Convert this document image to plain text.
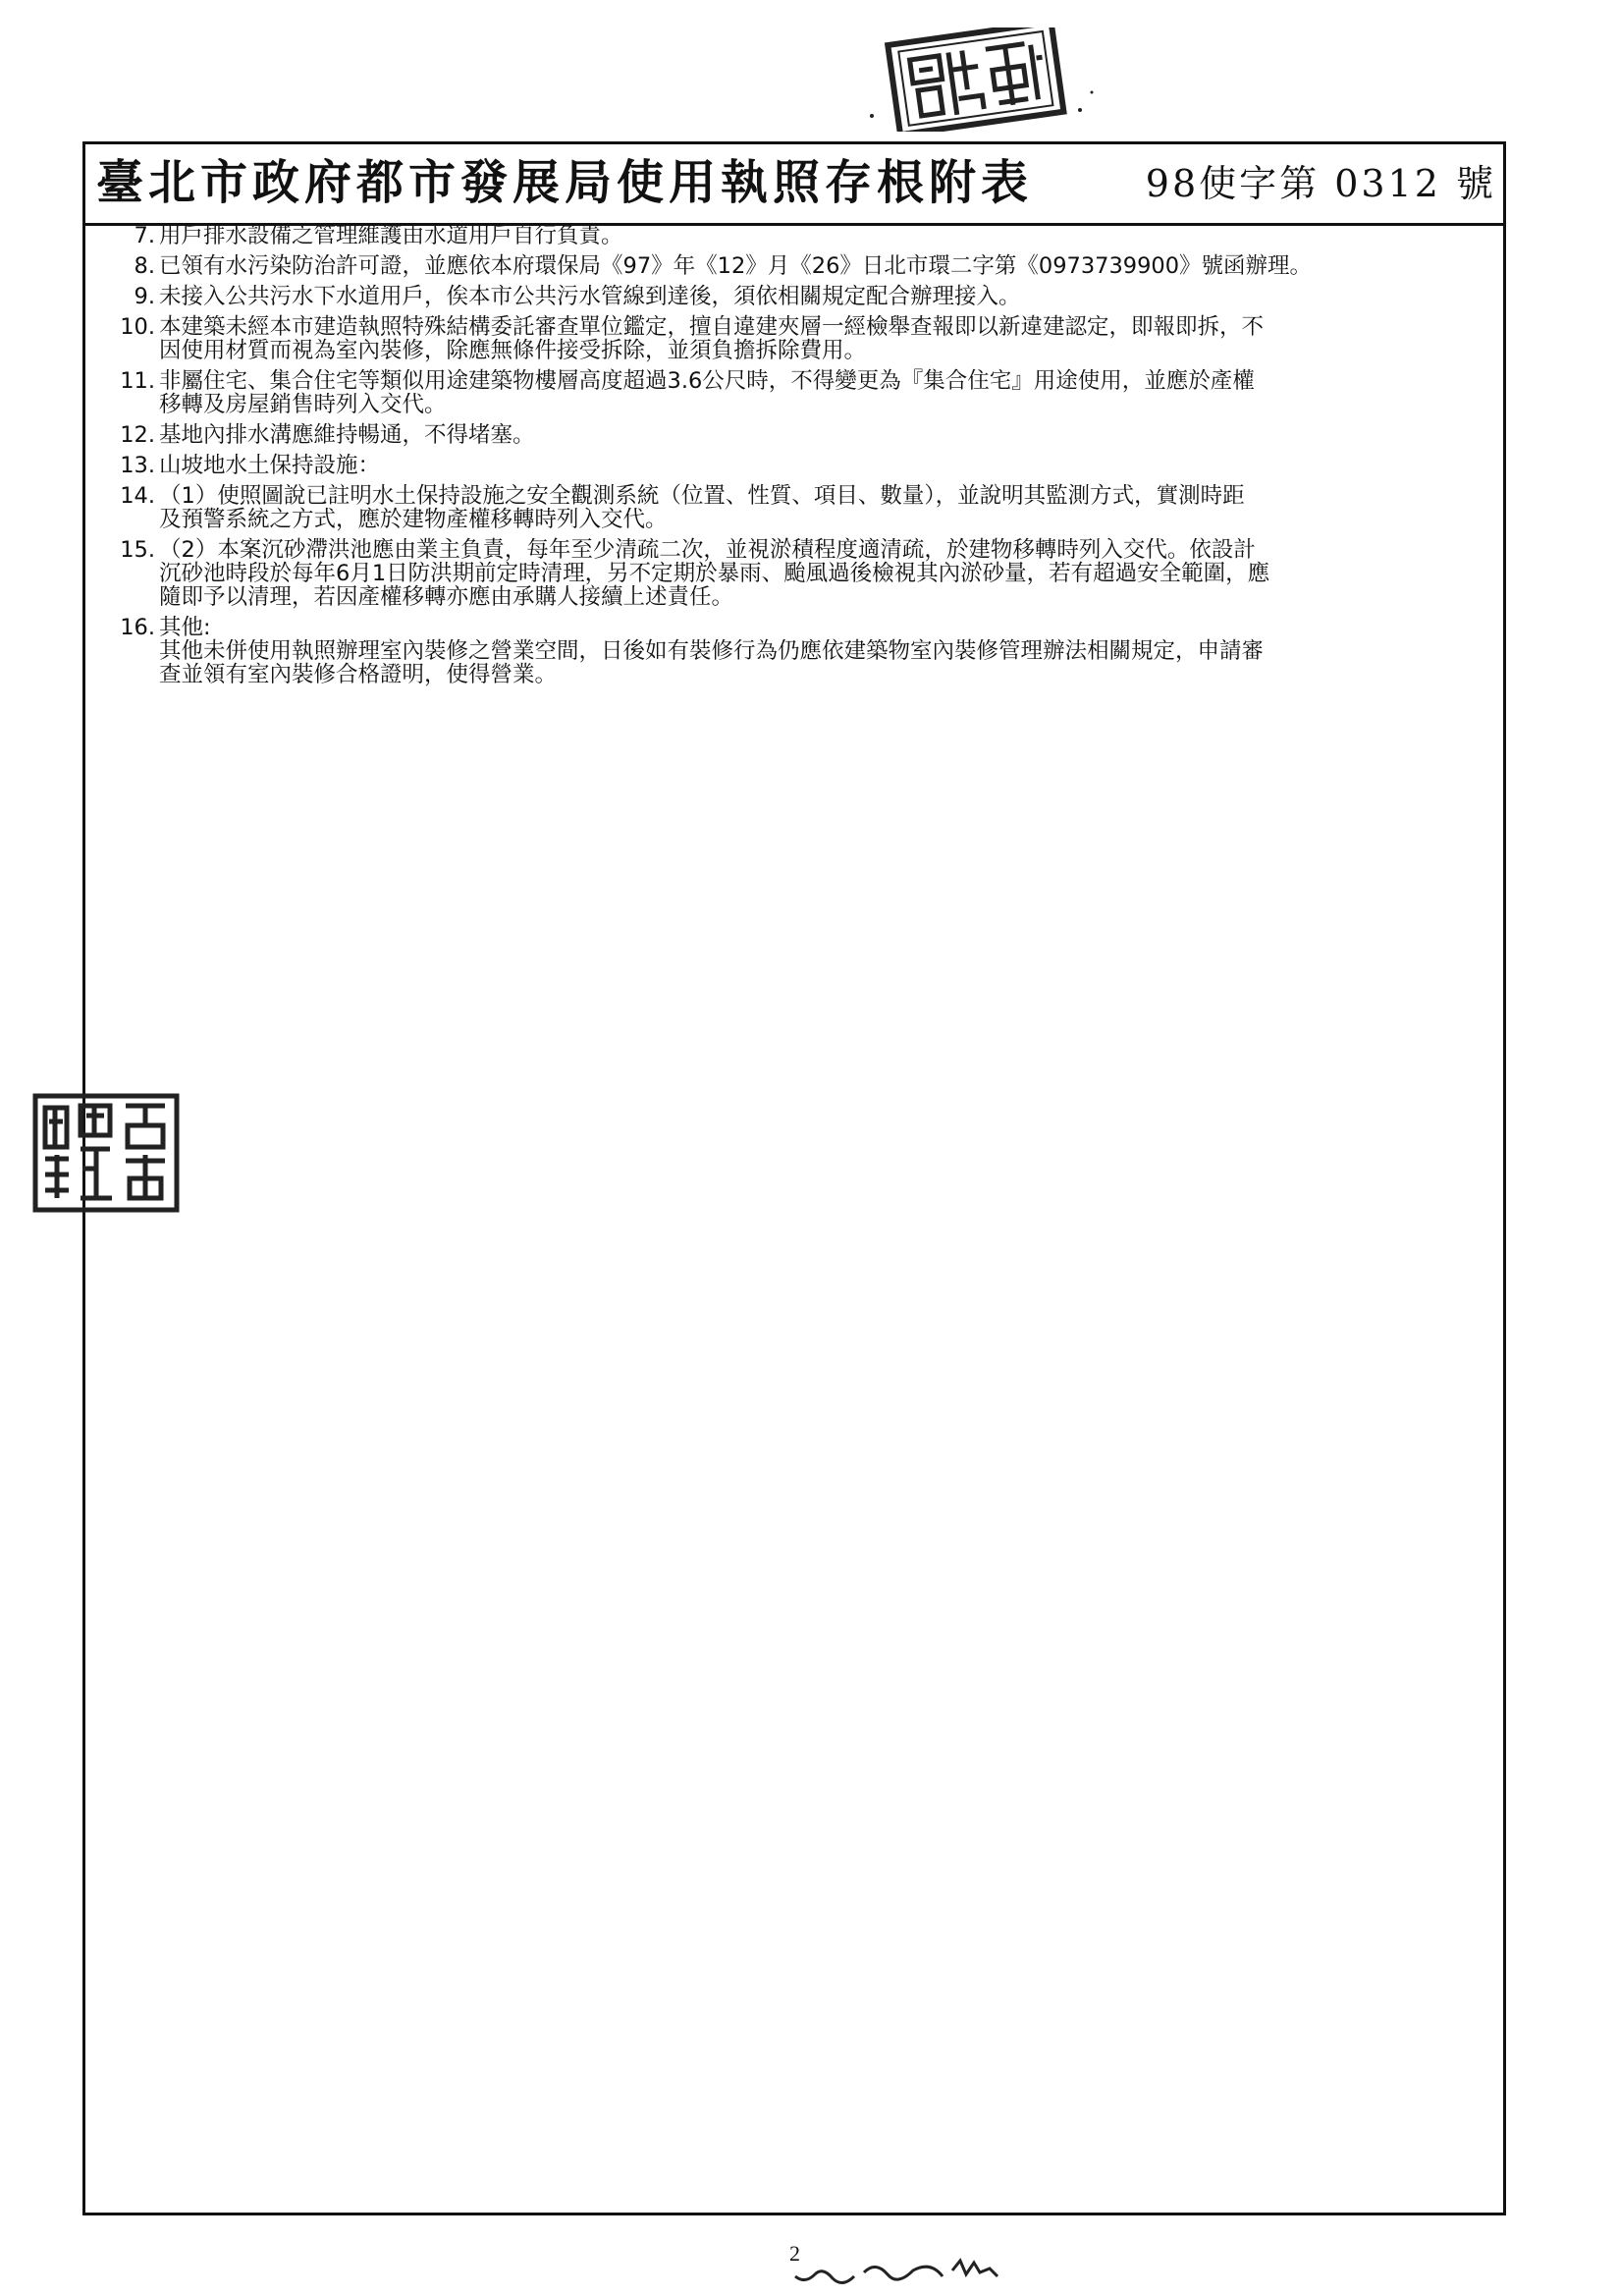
臺北市政府都市發展局使用執照存根附表	98使字第 0312 號
7. 用戶排水設備之管理維護由水道用戶自行負責。
8. 已領有水污染防治許可證，並應依本府環保局《97》年《12》月《26》日北市環二字第《0973739900》號函辦理。
9. 未接入公共污水下水道用戶，俟本市公共污水管線到達後，須依相關規定配合辦理接入。
10. 本建築未經本市建造執照特殊結構委託審查單位鑑定，擅自違建夾層一經檢舉查報即以新違建認定，即報即拆，不
因使用材質而視為室內裝修，除應無條件接受拆除，並須負擔拆除費用。
11. 非屬住宅、集合住宅等類似用途建築物樓層高度超過3.6公尺時，不得變更為『集合住宅』用途使用，並應於產權
移轉及房屋銷售時列入交代。
12. 基地內排水溝應維持暢通，不得堵塞。
13. 山坡地水土保持設施：
14. （1）使照圖說已註明水土保持設施之安全觀測系統（位置、性質、項目、數量），並說明其監測方式，實測時距
及預警系統之方式，應於建物產權移轉時列入交代。
15. （2）本案沉砂滯洪池應由業主負責，每年至少清疏二次，並視淤積程度適清疏，於建物移轉時列入交代。依設計
沉砂池時段於每年6月1日防洪期前定時清理，另不定期於暴雨、颱風過後檢視其內淤砂量，若有超過安全範圍，應
隨即予以清理，若因產權移轉亦應由承購人接續上述責任。
16. 其他:
其他未併使用執照辦理室內裝修之營業空間，日後如有裝修行為仍應依建築物室內裝修管理辦法相關規定，申請審
查並領有室內裝修合格證明，使得營業。
2
